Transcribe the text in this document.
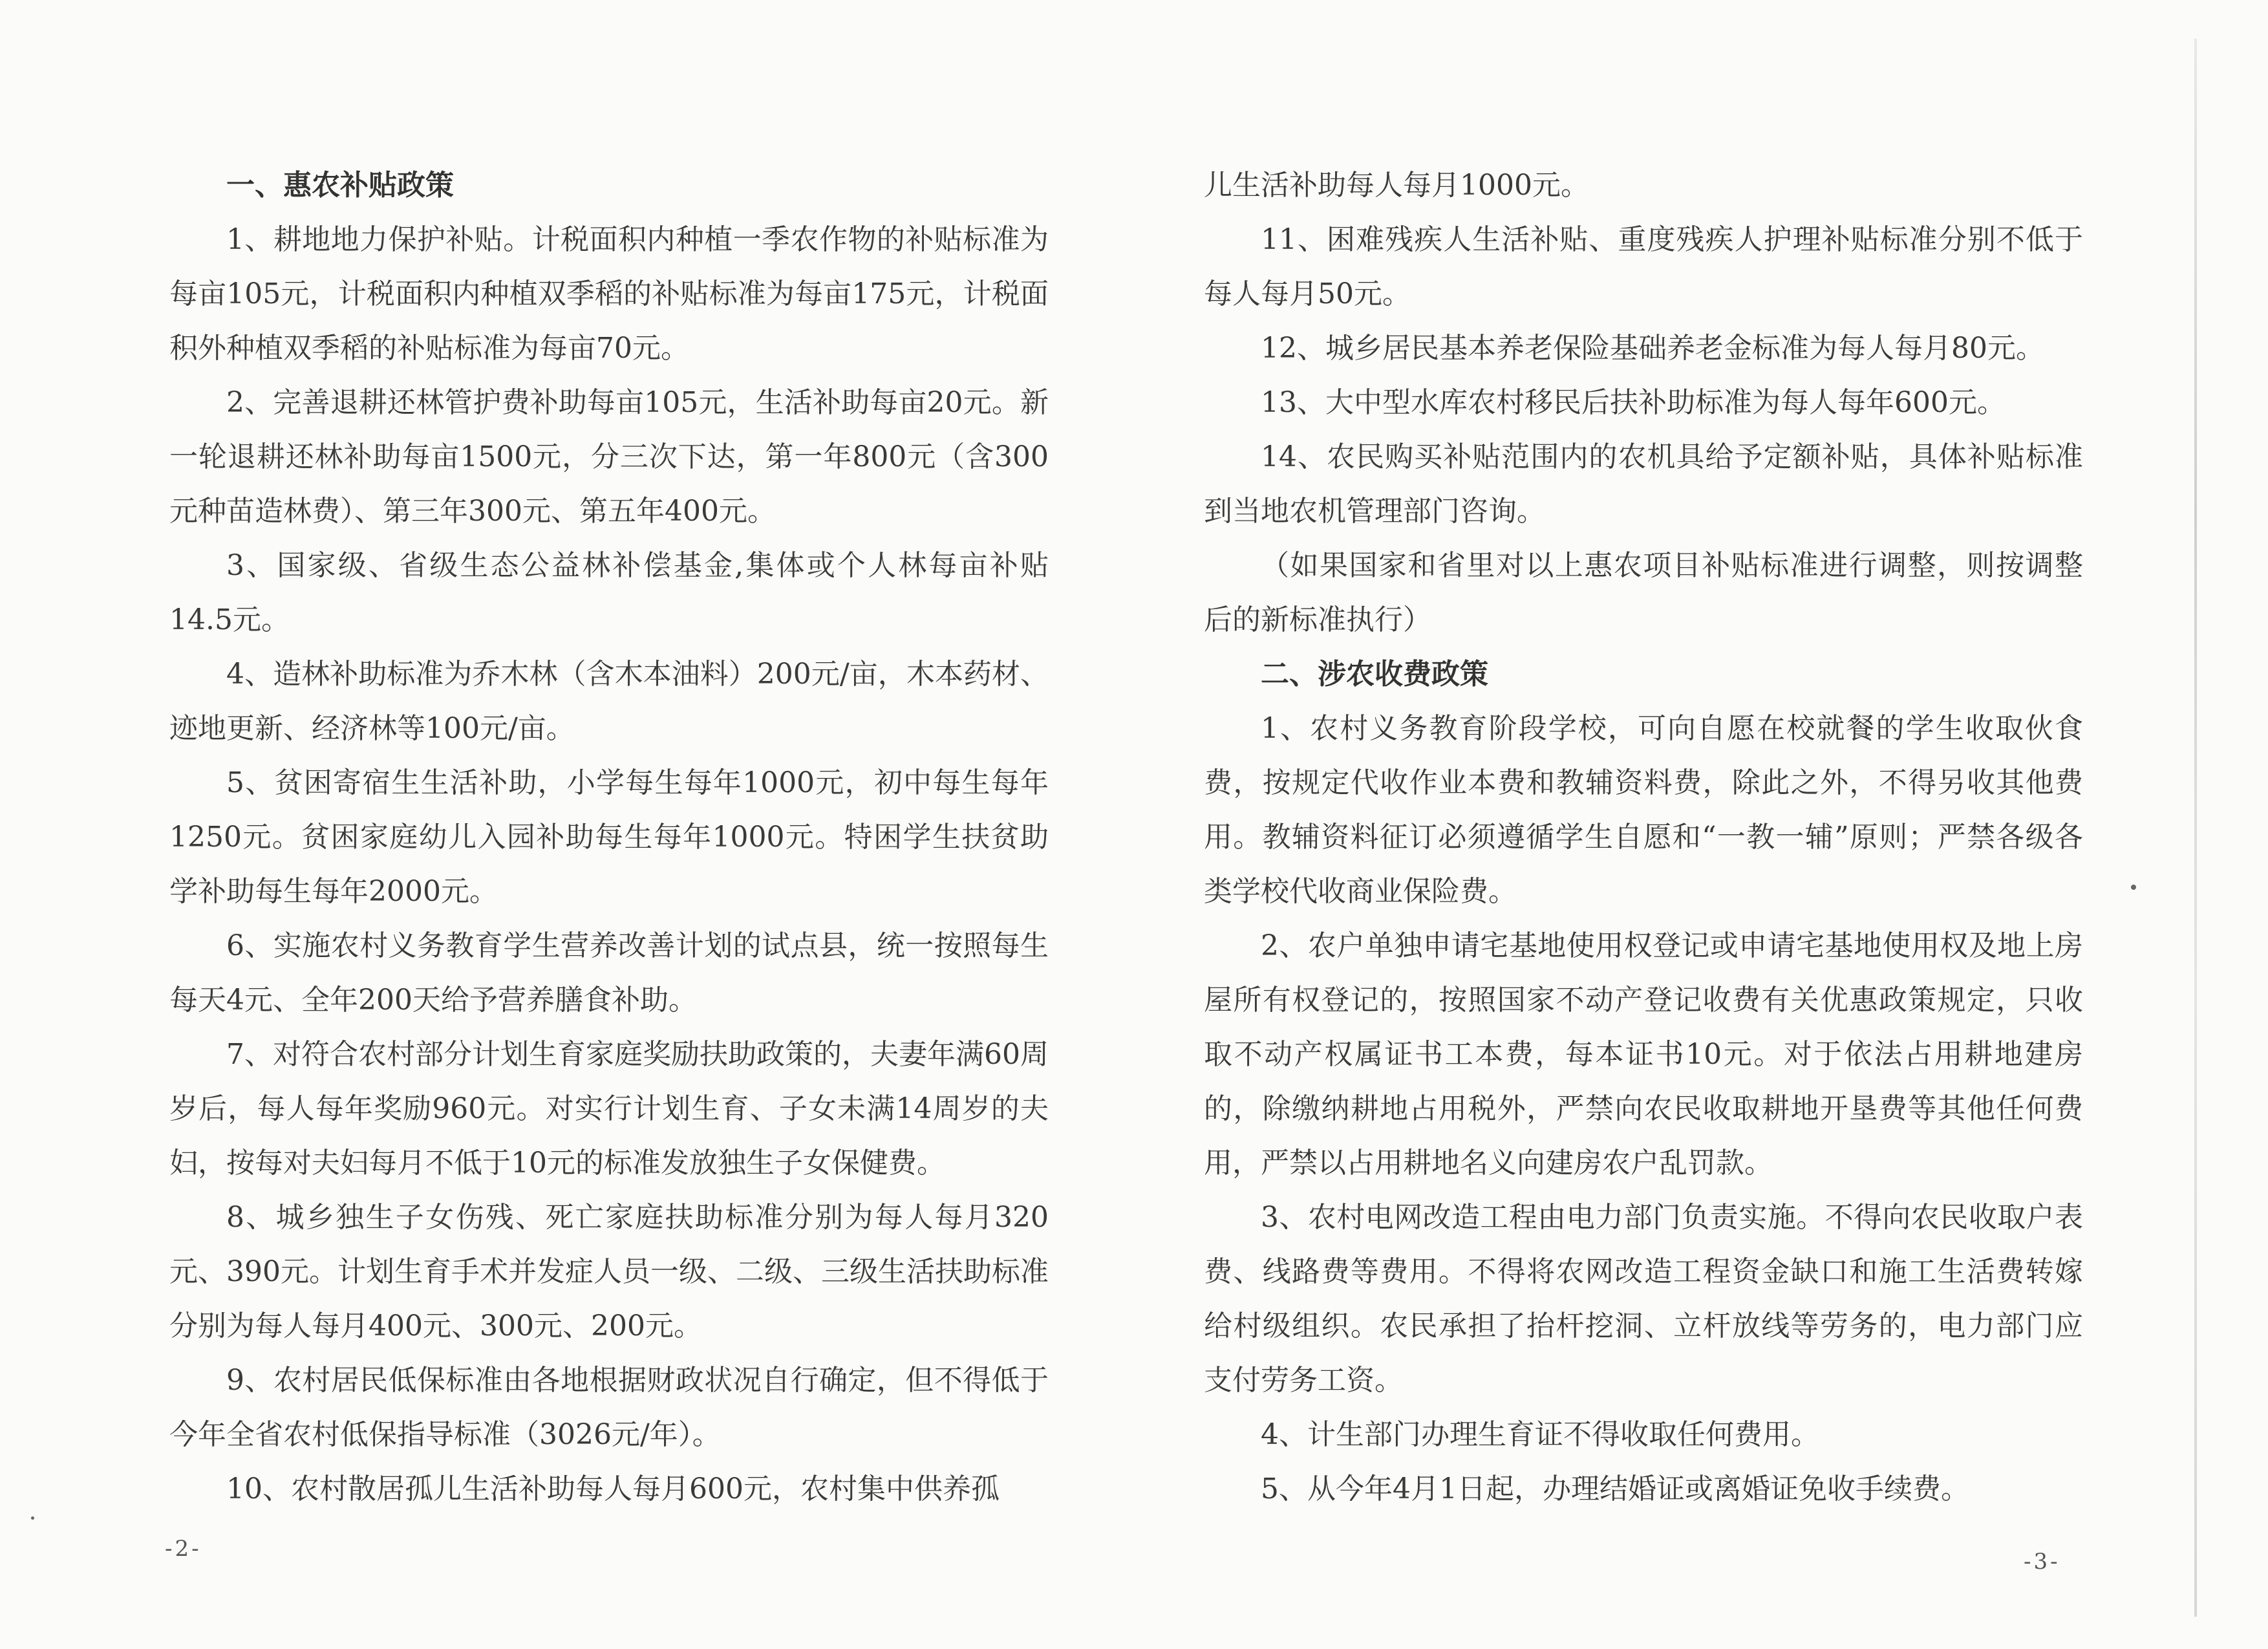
一、惠农补贴政策

1、耕地地力保护补贴。计税面积内种植一季农作物的补贴标准为每亩105元，计税面积内种植双季稻的补贴标准为每亩175元，计税面积外种植双季稻的补贴标准为每亩70元。

2、完善退耕还林管护费补助每亩105元，生活补助每亩20元。新一轮退耕还林补助每亩1500元，分三次下达，第一年800元（含300元种苗造林费）、第三年300元、第五年400元。

3、国家级、省级生态公益林补偿基金,集体或个人林每亩补贴14.5元。

4、造林补助标准为乔木林（含木本油料）200元/亩，木本药材、迹地更新、经济林等100元/亩。

5、贫困寄宿生生活补助，小学每生每年1000元，初中每生每年1250元。贫困家庭幼儿入园补助每生每年1000元。特困学生扶贫助学补助每生每年2000元。

6、实施农村义务教育学生营养改善计划的试点县，统一按照每生每天4元、全年200天给予营养膳食补助。

7、对符合农村部分计划生育家庭奖励扶助政策的，夫妻年满60周岁后，每人每年奖励960元。对实行计划生育、子女未满14周岁的夫妇，按每对夫妇每月不低于10元的标准发放独生子女保健费。

8、城乡独生子女伤残、死亡家庭扶助标准分别为每人每月320元、390元。计划生育手术并发症人员一级、二级、三级生活扶助标准分别为每人每月400元、300元、200元。

9、农村居民低保标准由各地根据财政状况自行确定，但不得低于今年全省农村低保指导标准（3026元/年）。

10、农村散居孤儿生活补助每人每月600元，农村集中供养孤

-2-

儿生活补助每人每月1000元。

11、困难残疾人生活补贴、重度残疾人护理补贴标准分别不低于每人每月50元。

12、城乡居民基本养老保险基础养老金标准为每人每月80元。

13、大中型水库农村移民后扶补助标准为每人每年600元。

14、农民购买补贴范围内的农机具给予定额补贴，具体补贴标准到当地农机管理部门咨询。

（如果国家和省里对以上惠农项目补贴标准进行调整，则按调整后的新标准执行）

二、涉农收费政策

1、农村义务教育阶段学校，可向自愿在校就餐的学生收取伙食费，按规定代收作业本费和教辅资料费，除此之外，不得另收其他费用。教辅资料征订必须遵循学生自愿和“一教一辅”原则；严禁各级各类学校代收商业保险费。

2、农户单独申请宅基地使用权登记或申请宅基地使用权及地上房屋所有权登记的，按照国家不动产登记收费有关优惠政策规定，只收取不动产权属证书工本费，每本证书10元。对于依法占用耕地建房的，除缴纳耕地占用税外，严禁向农民收取耕地开垦费等其他任何费用，严禁以占用耕地名义向建房农户乱罚款。

3、农村电网改造工程由电力部门负责实施。不得向农民收取户表费、线路费等费用。不得将农网改造工程资金缺口和施工生活费转嫁给村级组织。农民承担了抬杆挖洞、立杆放线等劳务的，电力部门应支付劳务工资。

4、计生部门办理生育证不得收取任何费用。

5、从今年4月1日起，办理结婚证或离婚证免收手续费。

-3-
